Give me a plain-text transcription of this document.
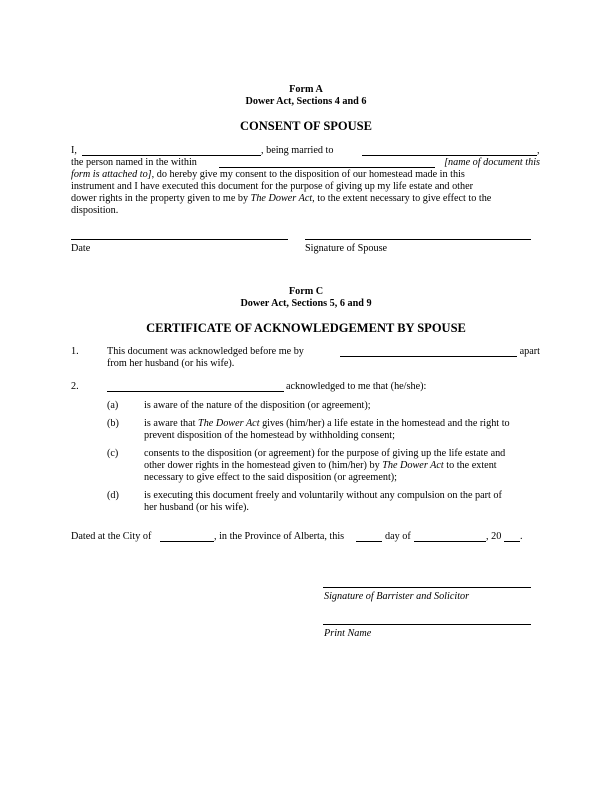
Form A
Dower Act, Sections 4 and 6
CONSENT OF SPOUSE
I,	, being married to	,
the person named in the within	[name of document this
form is attached to], do hereby give my consent to the disposition of our homestead made in this
instrument and I have executed this document for the purpose of giving up my life estate and other
dower rights in the property given to me by The Dower Act, to the extent necessary to give effect to the
disposition.
Date	Signature of Spouse
Form C
Dower Act, Sections 5, 6 and 9
CERTIFICATE OF ACKNOWLEDGEMENT BY SPOUSE
1.	This document was acknowledged before me by	apart
from her husband (or his wife).
2.	acknowledged to me that (he/she):
(a)	is aware of the nature of the disposition (or agreement);
(b) is aware that The Dower Act gives (him/her) a life estate in the homestead and the right to
prevent disposition of the homestead by withholding consent;
(c)	consents to the disposition (or agreement) for the purpose of giving up the life estate and
other dower rights in the homestead given to (him/her) by The Dower Act to the extent
necessary to give effect to the said disposition (or agreement);
(d) is executing this document freely and voluntarily without any compulsion on the part of
her husband (or his wife).
Dated at the City of	, in the Province of Alberta, this	day of	, 20 .
Signature of Barrister and Solicitor
Print Name
